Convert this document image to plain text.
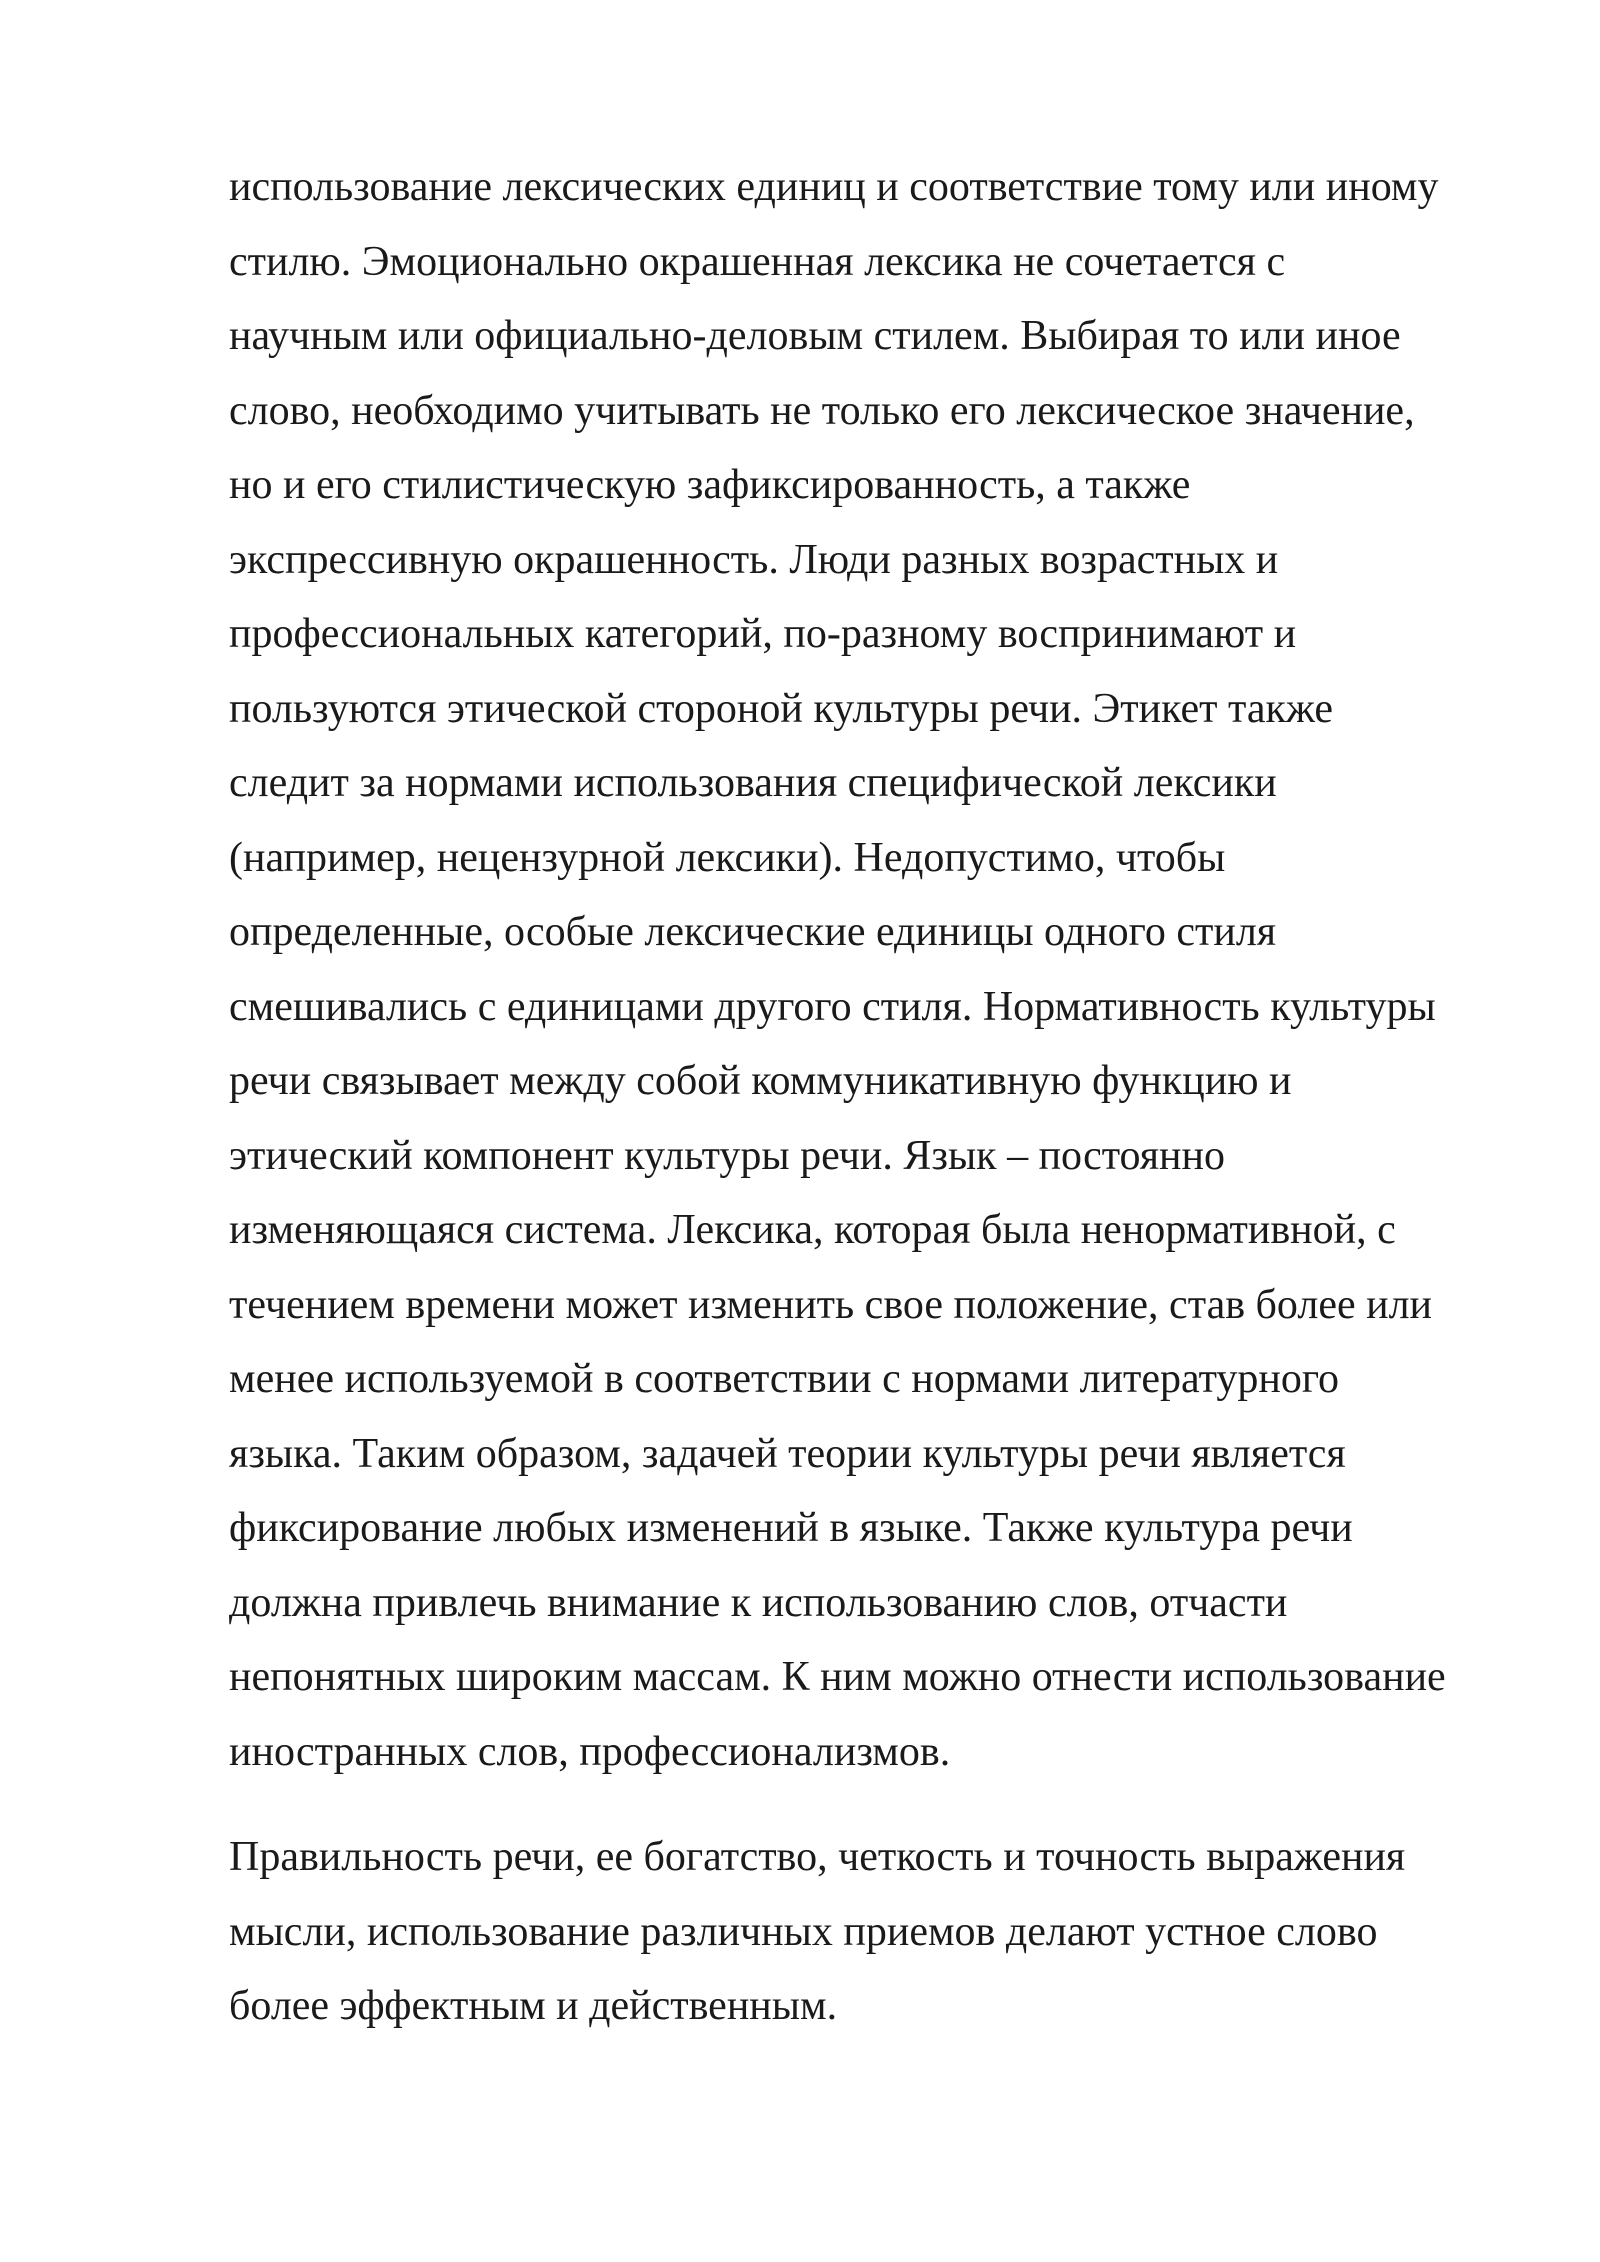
использование лексических единиц и соответствие тому или иному
стилю. Эмоционально окрашенная лексика не сочетается с
научным или официально-деловым стилем. Выбирая то или иное
слово, необходимо учитывать не только его лексическое значение,
но и его стилистическую зафиксированность, а также
экспрессивную окрашенность. Люди разных возрастных и
профессиональных категорий, по-разному воспринимают и
пользуются этической стороной культуры речи. Этикет также
следит за нормами использования специфической лексики
(например, нецензурной лексики). Недопустимо, чтобы
определенные, особые лексические единицы одного стиля
смешивались с единицами другого стиля. Нормативность культуры
речи связывает между собой коммуникативную функцию и
этический компонент культуры речи. Язык – постоянно
изменяющаяся система. Лексика, которая была ненормативной, с
течением времени может изменить свое положение, став более или
менее используемой в соответствии с нормами литературного
языка. Таким образом, задачей теории культуры речи является
фиксирование любых изменений в языке. Также культура речи
должна привлечь внимание к использованию слов, отчасти
непонятных широким массам. К ним можно отнести использование
иностранных слов, профессионализмов.
Правильность речи, ее богатство, четкость и точность выражения
мысли, использование различных приемов делают устное слово
более эффектным и действенным.
